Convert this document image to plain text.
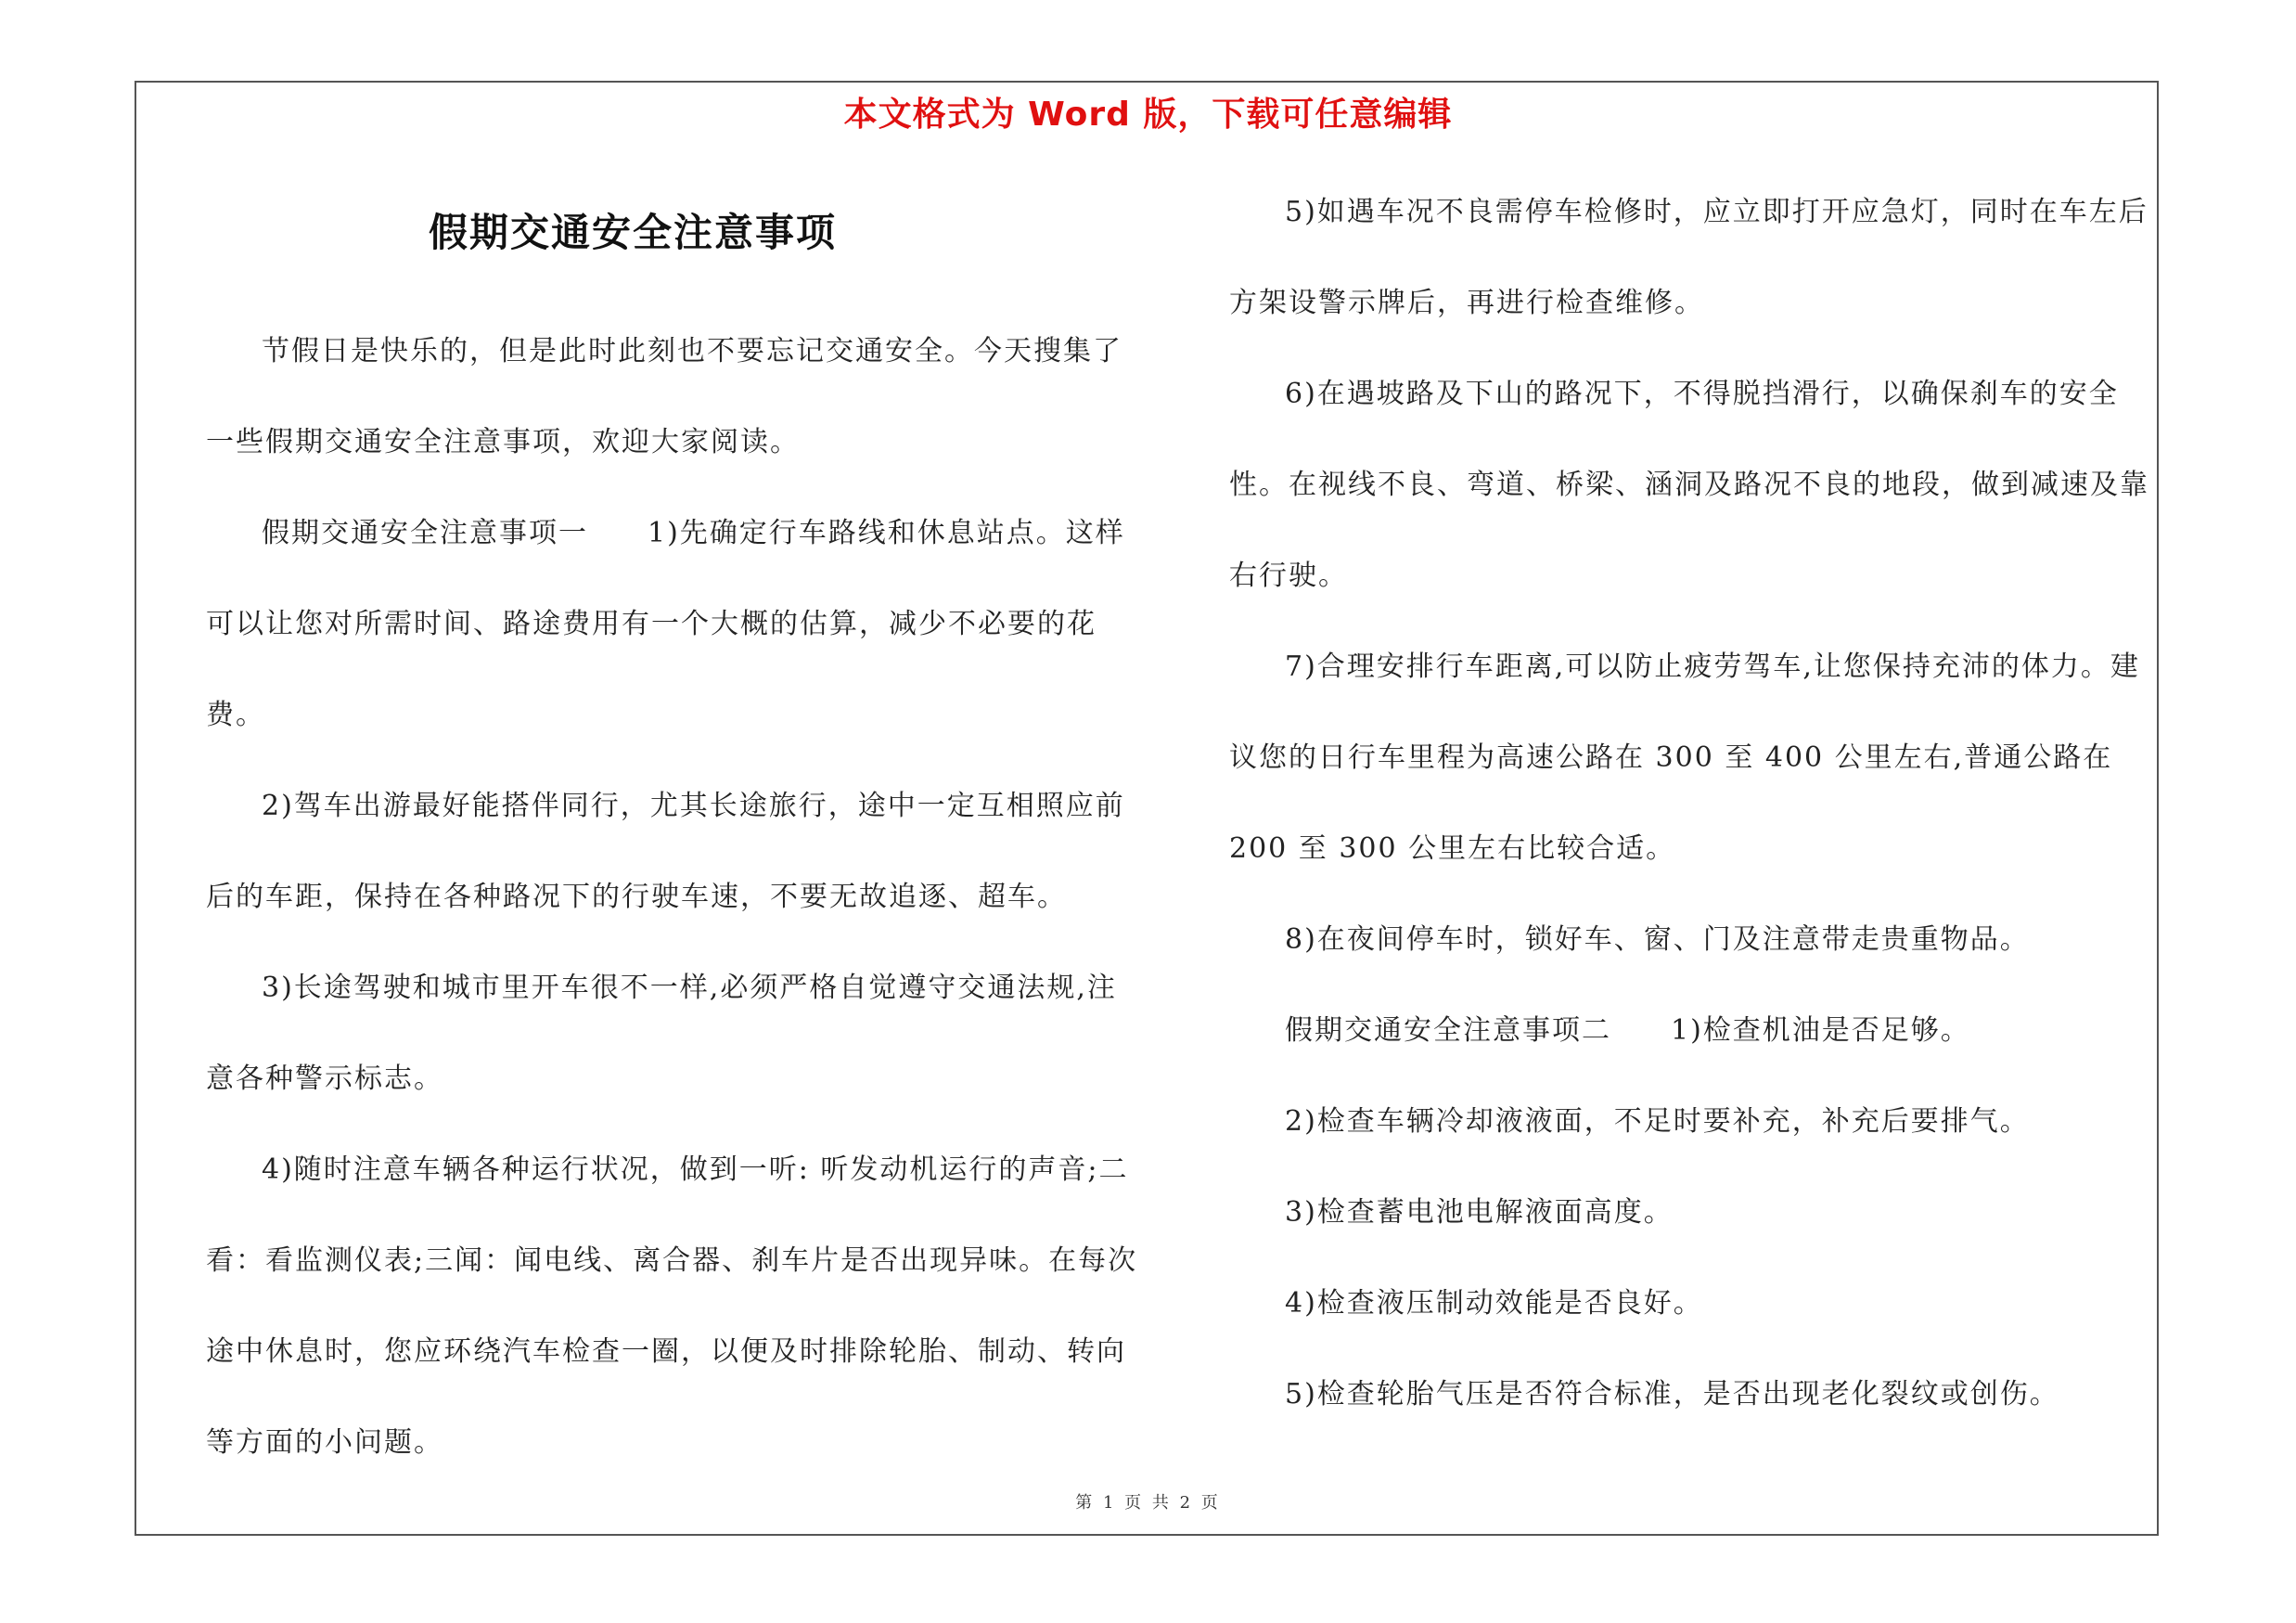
本文格式为 Word 版，下载可任意编辑
假期交通安全注意事项

节假日是快乐的，但是此时此刻也不要忘记交通安全。今天搜集了一些假期交通安全注意事项，欢迎大家阅读。

假期交通安全注意事项一　　1)先确定行车路线和休息站点。这样可以让您对所需时间、路途费用有一个大概的估算，减少不必要的花费。

2)驾车出游最好能搭伴同行，尤其长途旅行，途中一定互相照应前后的车距，保持在各种路况下的行驶车速，不要无故追逐、超车。

3)长途驾驶和城市里开车很不一样,必须严格自觉遵守交通法规,注意各种警示标志。

4)随时注意车辆各种运行状况，做到一听: 听发动机运行的声音;二看：看监测仪表;三闻：闻电线、离合器、刹车片是否出现异味。在每次途中休息时，您应环绕汽车检查一圈，以便及时排除轮胎、制动、转向等方面的小问题。

5)如遇车况不良需停车检修时，应立即打开应急灯，同时在车左后方架设警示牌后，再进行检查维修。

6)在遇坡路及下山的路况下，不得脱挡滑行，以确保刹车的安全性。在视线不良、弯道、桥梁、涵洞及路况不良的地段，做到减速及靠右行驶。

7)合理安排行车距离,可以防止疲劳驾车,让您保持充沛的体力。建议您的日行车里程为高速公路在 300 至 400 公里左右,普通公路在 200 至 300 公里左右比较合适。

8)在夜间停车时，锁好车、窗、门及注意带走贵重物品。

假期交通安全注意事项二　　1)检查机油是否足够。

2)检查车辆冷却液液面，不足时要补充，补充后要排气。

3)检查蓄电池电解液面高度。

4)检查液压制动效能是否良好。

5)检查轮胎气压是否符合标准，是否出现老化裂纹或创伤。

第 1 页 共 2 页
